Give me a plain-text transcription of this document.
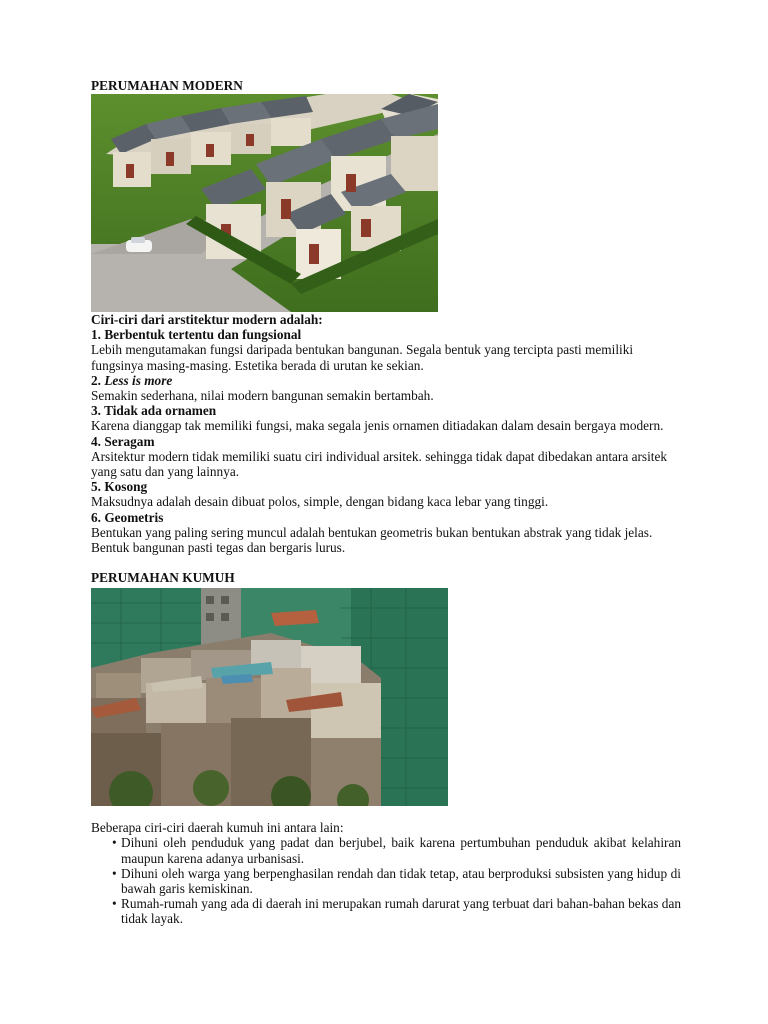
PERUMAHAN MODERN
Ciri-ciri dari arstitektur modern adalah:
1. Berbentuk tertentu dan fungsional
Lebih mengutamakan fungsi daripada bentukan bangunan. Segala bentuk yang tercipta pasti memiliki fungsinya masing-masing. Estetika berada di urutan ke sekian.
2. Less is more
Semakin sederhana, nilai modern bangunan semakin bertambah.
3. Tidak ada ornamen
Karena dianggap tak memiliki fungsi, maka segala jenis ornamen ditiadakan dalam desain bergaya modern.
4. Seragam
Arsitektur modern tidak memiliki suatu ciri individual arsitek. sehingga tidak dapat dibedakan antara arsitek yang satu dan yang lainnya.
5. Kosong
Maksudnya adalah desain dibuat polos, simple, dengan bidang kaca lebar yang tinggi.
6. Geometris
Bentukan yang paling sering muncul adalah bentukan geometris bukan bentukan abstrak yang tidak jelas. Bentuk bangunan pasti tegas dan bergaris lurus.
PERUMAHAN KUMUH
Beberapa ciri-ciri daerah kumuh ini antara lain:
• Dihuni oleh penduduk yang padat dan berjubel, baik karena pertumbuhan penduduk akibat kelahiran maupun karena adanya urbanisasi.
• Dihuni oleh warga yang berpenghasilan rendah dan tidak tetap, atau berproduksi subsisten yang hidup di bawah garis kemiskinan.
• Rumah-rumah yang ada di daerah ini merupakan rumah darurat yang terbuat dari bahan-bahan bekas dan tidak layak.
